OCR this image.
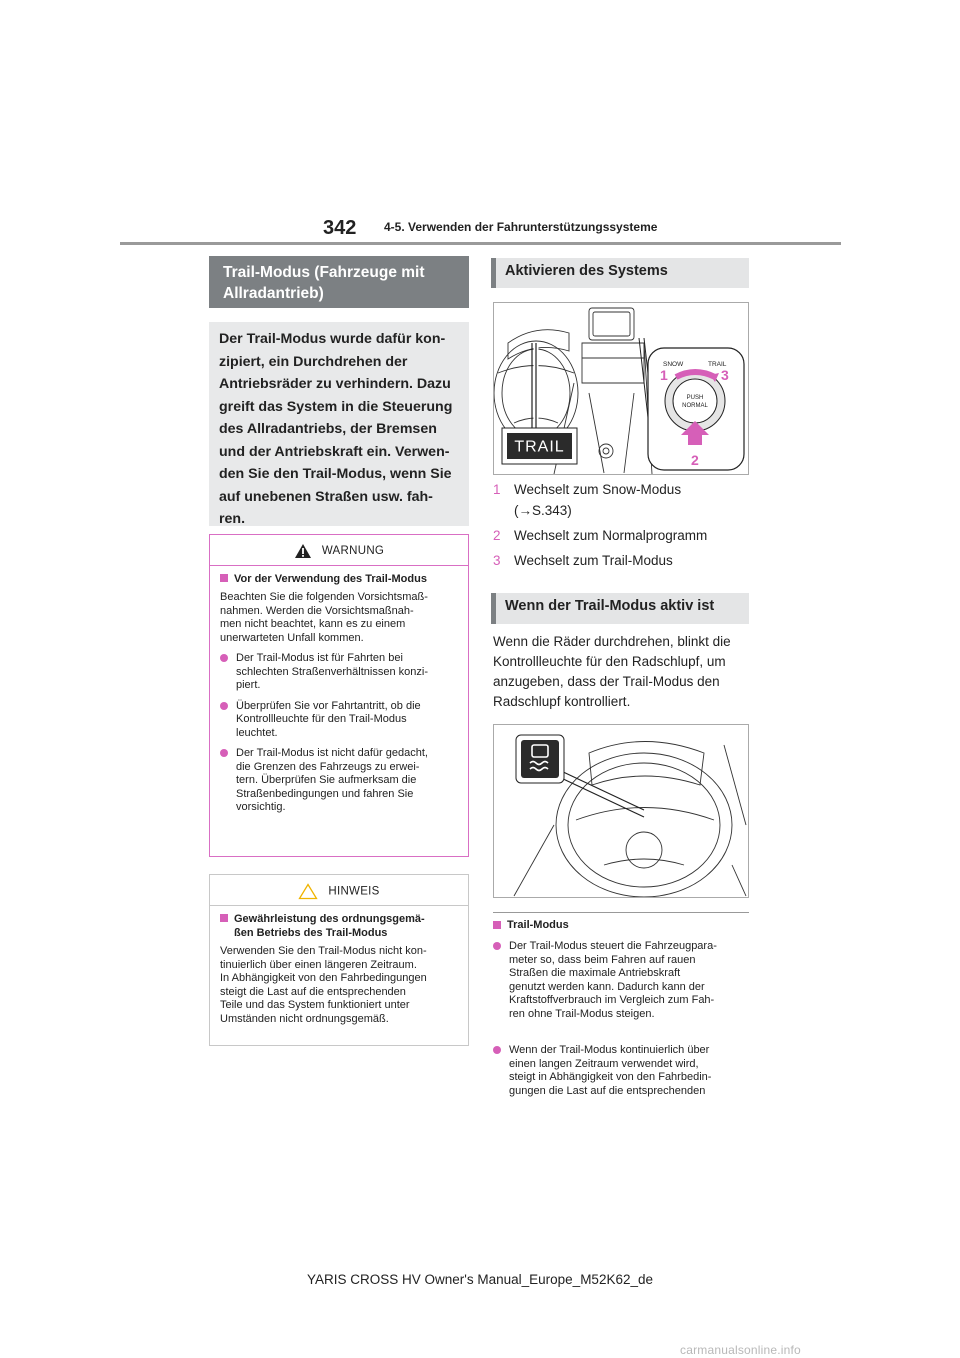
342 4-5. Verwenden der Fahrunterstützungssysteme
Trail-Modus (Fahrzeuge mit Allradantrieb)
Der Trail-Modus wurde dafür kon-
zipiert, ein Durchdrehen der
Antriebsräder zu verhindern. Dazu
greift das System in die Steuerung
des Allradantriebs, der Bremsen
und der Antriebskraft ein. Verwen-
den Sie den Trail-Modus, wenn Sie
auf unebenen Straßen usw. fah-
ren.
WARNUNG
Vor der Verwendung des Trail-Modus
Beachten Sie die folgenden Vorsichtsmaß-
nahmen. Werden die Vorsichtsmaßnah-
men nicht beachtet, kann es zu einem
unerwarteten Unfall kommen.
Der Trail-Modus ist für Fahrten bei
schlechten Straßenverhältnissen konzi-
piert.
Überprüfen Sie vor Fahrtantritt, ob die
Kontrollleuchte für den Trail-Modus
leuchtet.
Der Trail-Modus ist nicht dafür gedacht,
die Grenzen des Fahrzeugs zu erwei-
tern. Überprüfen Sie aufmerksam die
Straßenbedingungen und fahren Sie
vorsichtig.
HINWEIS
Gewährleistung des ordnungsgemä-
ßen Betriebs des Trail-Modus
Verwenden Sie den Trail-Modus nicht kon-
tinuierlich über einen längeren Zeitraum.
In Abhängigkeit von den Fahrbedingungen
steigt die Last auf die entsprechenden
Teile und das System funktioniert unter
Umständen nicht ordnungsgemäß.
Aktivieren des Systems
TRAIL
SNOW	TRAIL
PUSH
NORMAL
1	3
2
1 Wechselt zum Snow-Modus
(→S.343)
2 Wechselt zum Normalprogramm
3 Wechselt zum Trail-Modus
Wenn der Trail-Modus aktiv ist
Wenn die Räder durchdrehen, blinkt die
Kontrollleuchte für den Radschlupf, um
anzugeben, dass der Trail-Modus den
Radschlupf kontrolliert.
Trail-Modus
Der Trail-Modus steuert die Fahrzeugpara-
meter so, dass beim Fahren auf rauen
Straßen die maximale Antriebskraft
genutzt werden kann. Dadurch kann der
Kraftstoffverbrauch im Vergleich zum Fah-
ren ohne Trail-Modus steigen.
Wenn der Trail-Modus kontinuierlich über
einen langen Zeitraum verwendet wird,
steigt in Abhängigkeit von den Fahrbedin-
gungen die Last auf die entsprechenden
YARIS CROSS HV Owner's Manual_Europe_M52K62_de
carmanualsonline.info
